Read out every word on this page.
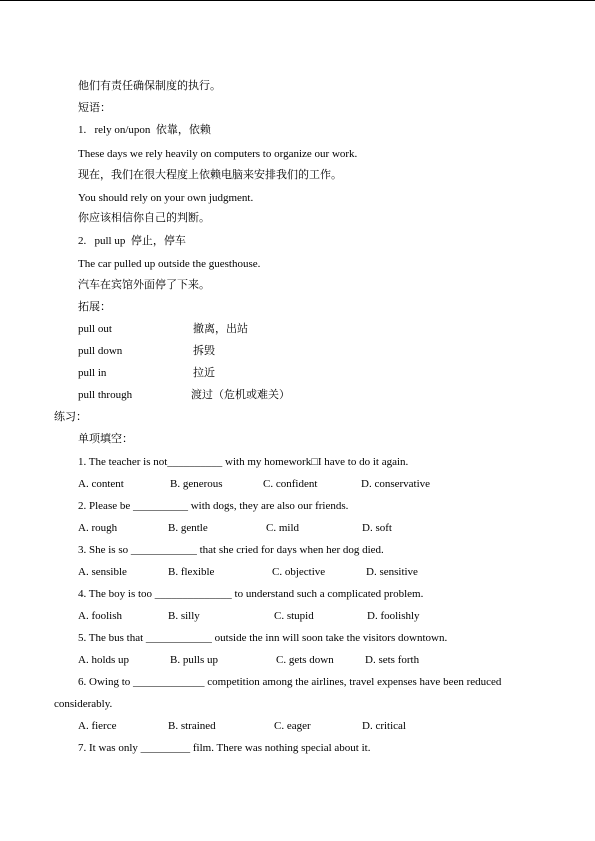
他们有责任确保制度的执行。
短语：
1.   rely on/upon  依靠，依赖
These days we rely heavily on computers to organize our work.
现在，我们在很大程度上依赖电脑来安排我们的工作。
You should rely on your own judgment.
你应该相信你自己的判断。
2.   pull up  停止，停车
The car pulled up outside the guesthouse.
汽车在宾馆外面停了下来。
拓展：
pull out	撤离，出站
pull down	拆毁
pull in	拉近
pull through	渡过（危机或难关）
练习：
单项填空：
1. The teacher is not__________ with my homework□I have to do it again.
A. content	B. generous	C. confident	D. conservative
2. Please be __________ with dogs, they are also our friends.
A. rough	B. gentle	C. mild	D. soft
3. She is so ____________ that she cried for days when her dog died.
A. sensible	B. flexible	C. objective	D. sensitive
4. The boy is too ______________ to understand such a complicated problem.
A. foolish	B. silly	C. stupid	D. foolishly
5. The bus that ____________ outside the inn will soon take the visitors downtown.
A. holds up	B. pulls up	C. gets down	D. sets forth
6. Owing to _____________ competition among the airlines, travel expenses have been reduced
considerably.
A. fierce	B. strained	C. eager	D. critical
7. It was only _________ film. There was nothing special about it.
